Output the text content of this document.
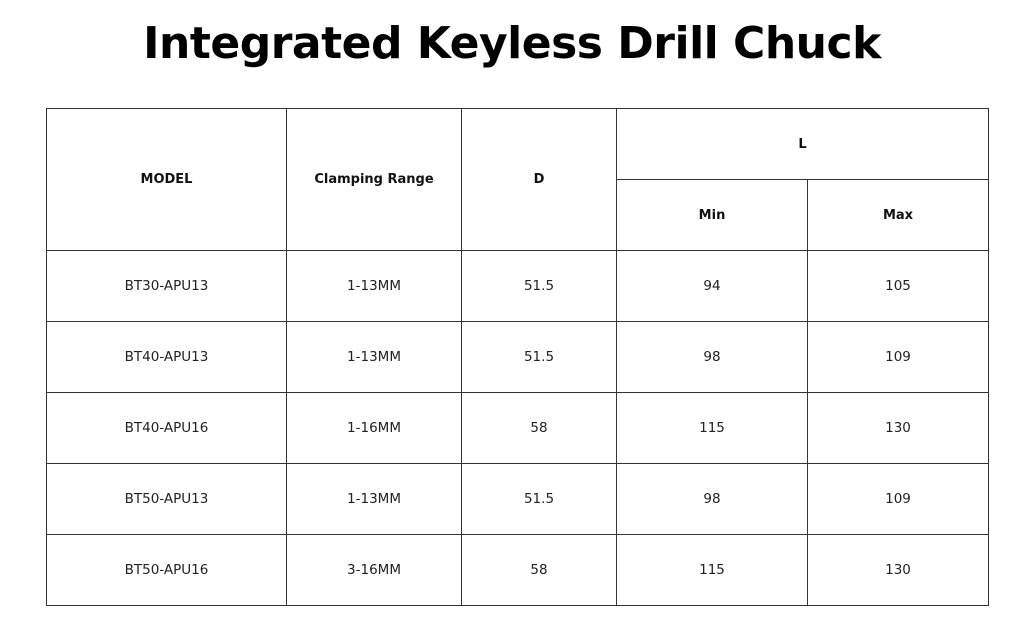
Integrated Keyless Drill Chuck
MODEL	Clamping Range	D	L	
			Min	Max
BT30-APU13	1-13MM	51.5	94	105
BT40-APU13	1-13MM	51.5	98	109
BT40-APU16	1-16MM	58	115	130
BT50-APU13	1-13MM	51.5	98	109
BT50-APU16	3-16MM	58	115	130
